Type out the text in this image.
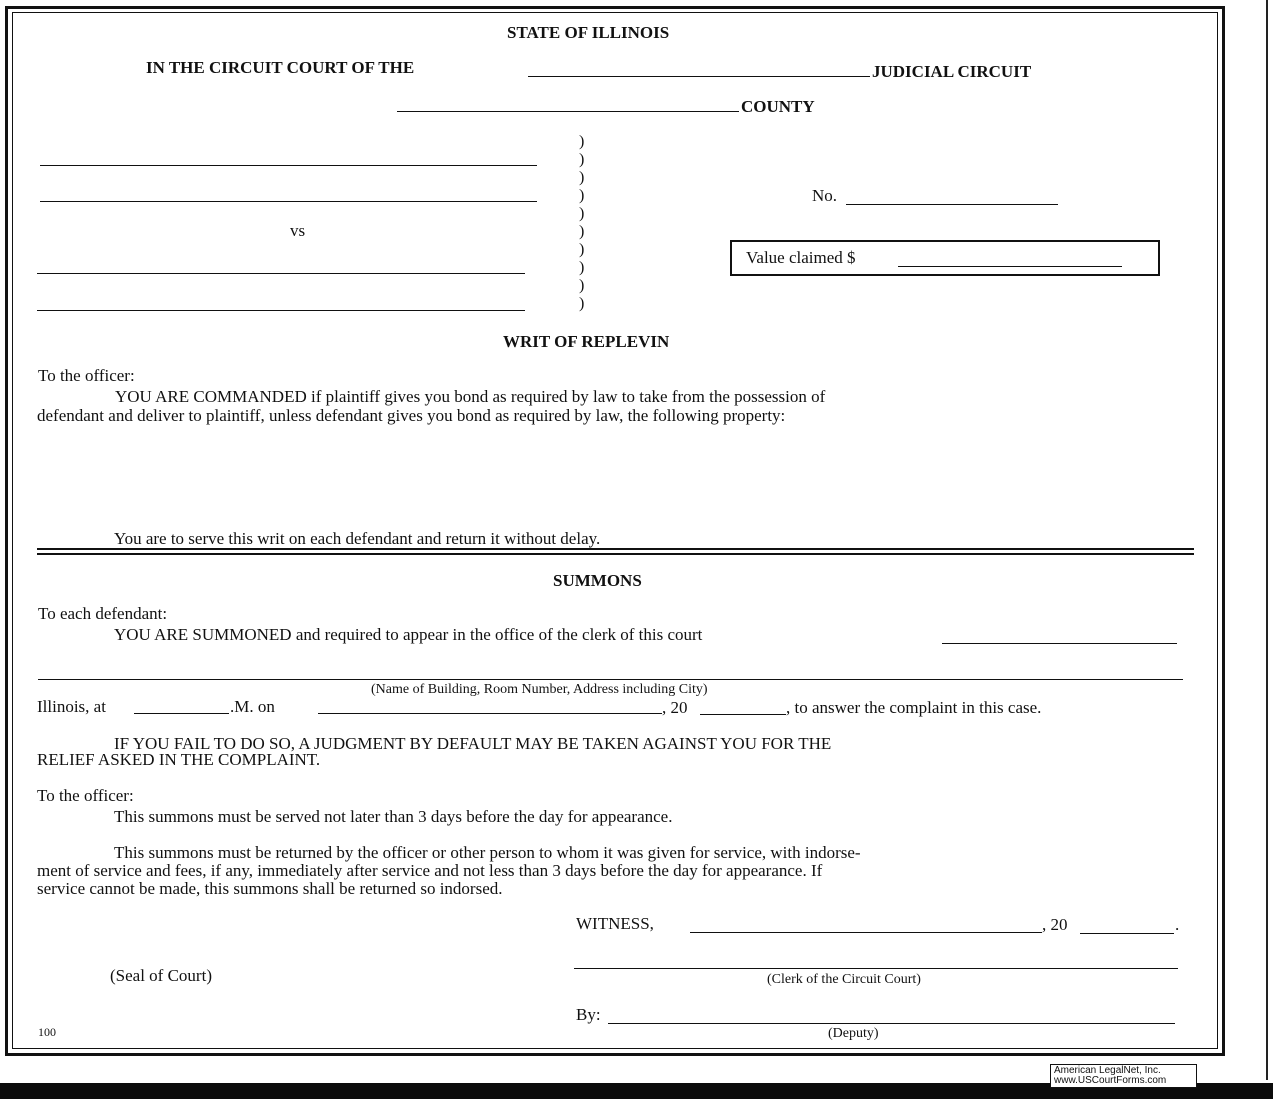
STATE OF ILLINOIS
IN THE CIRCUIT COURT OF THE	JUDICIAL CIRCUIT
COUNTY
vs
)
)
)
)
)
)
)
)
)
)
No.
Value claimed $
WRIT OF REPLEVIN
To the officer:
YOU ARE COMMANDED if plaintiff gives you bond as required by law to take from the possession of
defendant and deliver to plaintiff, unless defendant gives you bond as required by law, the following property:
You are to serve this writ on each defendant and return it without delay.
SUMMONS
To each defendant:
YOU ARE SUMMONED and required to appear in the office of the clerk of this court
(Name of Building, Room Number, Address including City)
Illinois, at	.M. on	, 20	, to answer the complaint in this case.
IF YOU FAIL TO DO SO, A JUDGMENT BY DEFAULT MAY BE TAKEN AGAINST YOU FOR THE
RELIEF ASKED IN THE COMPLAINT.
To the officer:
This summons must be served not later than 3 days before the day for appearance.
This summons must be returned by the officer or other person to whom it was given for service, with indorse-
ment of service and fees, if any, immediately after service and not less than 3 days before the day for appearance. If
service cannot be made, this summons shall be returned so indorsed.
WITNESS,	, 20	.
(Seal of Court)	(Clerk of the Circuit Court)
By:
(Deputy)
100
American LegalNet, Inc.
www.USCourtForms.com
